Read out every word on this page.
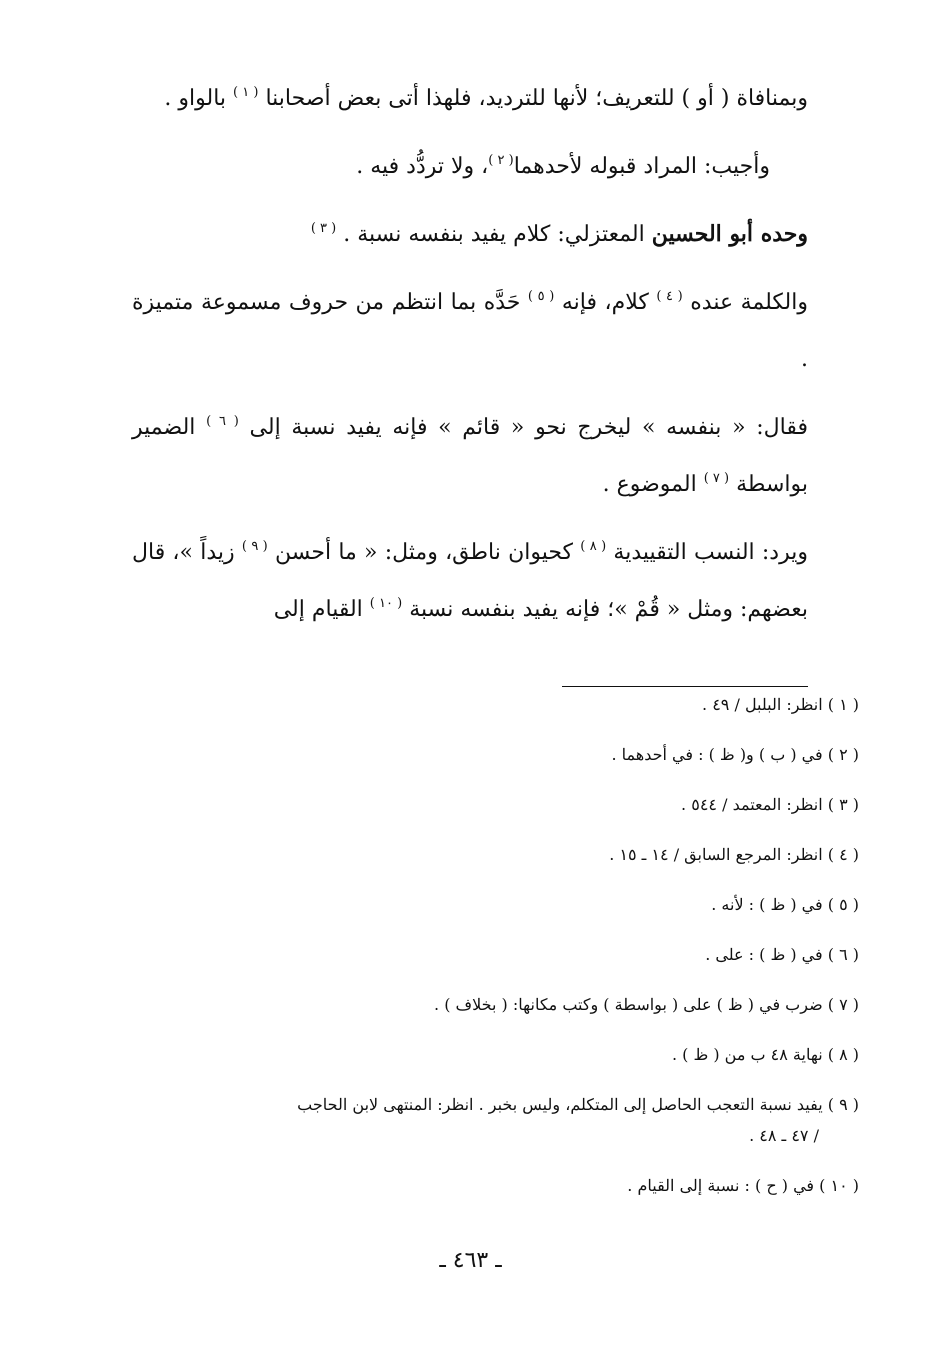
وبمنافاة ( أو ) للتعريف؛ لأنها للترديد، فلهذا أتى بعض أصحابنا $^{( ١ )}$ بالواو .

وأجيب: المراد قبوله لأحدهما$^{( ٢ )}$، ولا تردُّد فيه .

وحده أبو الحسين المعتزلي: كلام يفيد بنفسه نسبة . $^{( ٣ )}$

والكلمة عنده $^{( ٤ )}$ كلام، فإنه $^{( ٥ )}$ حَدَّه بما انتظم من حروف مسموعة متميزة .

فقال: « بنفسه » ليخرج نحو « قائم » فإنه يفيد نسبة إلى $^{( ٦ )}$ الضمير بواسطة $^{( ٧ )}$ الموضوع .

ويرد: النسب التقييدية $^{( ٨ )}$ كحيوان ناطق، ومثل: « ما أحسن $^{( ٩ )}$ زيداً »، قال بعضهم: ومثل « قُمْ »؛ فإنه يفيد بنفسه نسبة $^{( ١٠ )}$ القيام إلى

( ١ ) انظر: البلبل / ٤٩ .
( ٢ ) في ( ب ) و( ظ ) : في أحدهما .
( ٣ ) انظر: المعتمد / ٥٤٤ .
( ٤ ) انظر: المرجع السابق / ١٤ ـ ١٥ .
( ٥ ) في ( ظ ) : لأنه .
( ٦ ) في ( ظ ) : على .
( ٧ ) ضرب في ( ظ ) على ( بواسطة ) وكتب مكانها: ( بخلاف ) .
( ٨ ) نهاية ٤٨ ب من ( ظ ) .
( ٩ ) يفيد نسبة التعجب الحاصل إلى المتكلم، وليس بخبر . انظر: المنتهى لابن الحاجب
/ ٤٧ ـ ٤٨ .
( ١٠ ) في ( ح ) : نسبة إلى القيام .
ـ ٤٦٣ ـ
